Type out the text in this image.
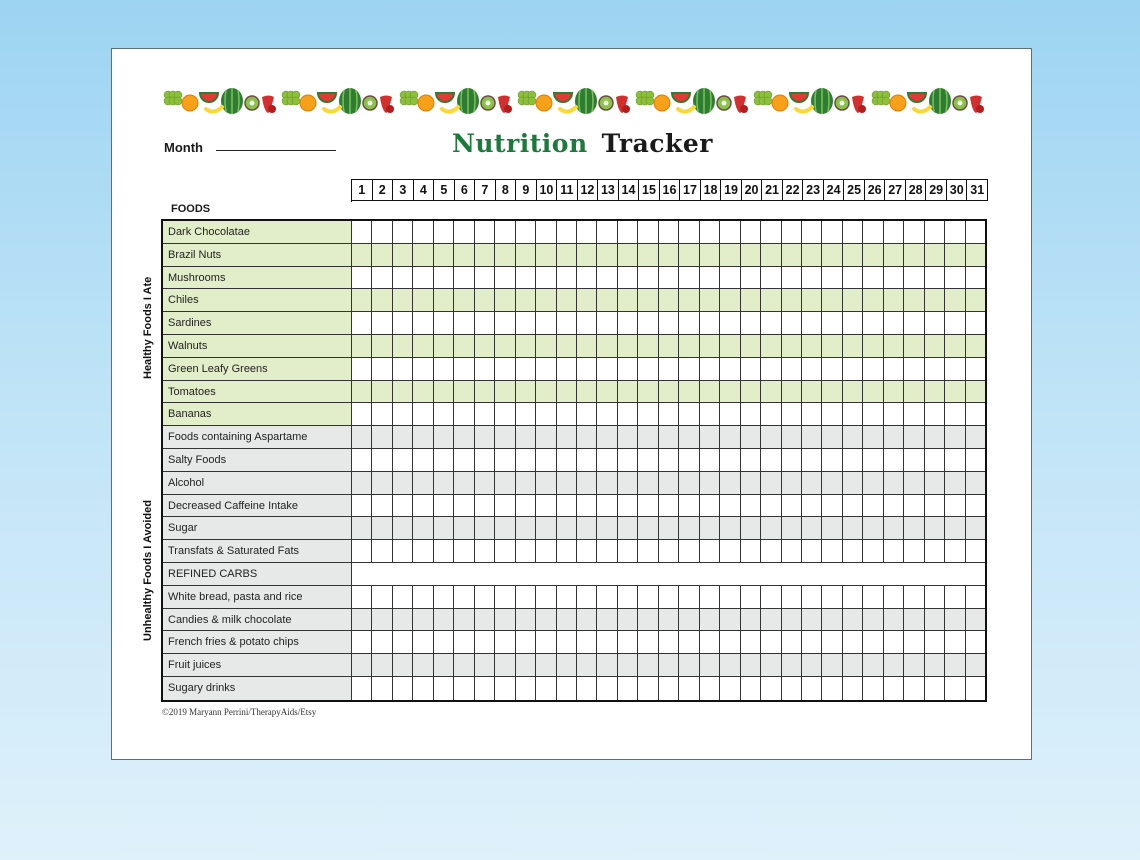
Month	Nutrition Tracker
1	2	3	4	5	6	7	8	9 10 11 12 13 14 15 16 17 18 19 20 21 22 23 24 25 26 27 28 29 30 31
FOODS
Healthy Foods I Ate
Unhealthy Foods I Avoided
Dark Chocolatae
Brazil Nuts
Mushrooms
Chiles
Sardines
Walnuts
Green Leafy Greens
Tomatoes
Bananas
Foods containing Aspartame
Salty Foods
Alcohol
Decreased Caffeine Intake
Sugar
Transfats & Saturated Fats
REFINED CARBS
White bread, pasta and rice
Candies & milk chocolate
French fries & potato chips
Fruit juices
Sugary drinks
©2019 Maryann Perrini/TherapyAids/Etsy
